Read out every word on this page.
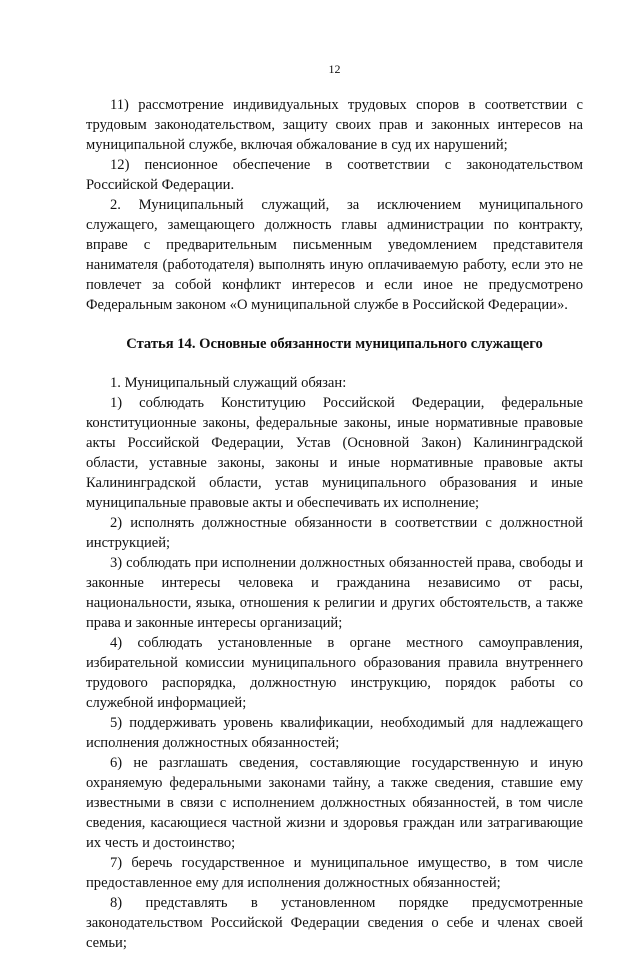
12

11) рассмотрение индивидуальных трудовых споров в соответствии с трудовым законодательством, защиту своих прав и законных интересов на муниципальной службе, включая обжалование в суд их нарушений;

12) пенсионное обеспечение в соответствии с законодательством Российской Федерации.

2. Муниципальный служащий, за исключением муниципального служащего, замещающего должность главы администрации по контракту, вправе с предварительным письменным уведомлением представителя нанимателя (работодателя) выполнять иную оплачиваемую работу, если это не повлечет за собой конфликт интересов и если иное не предусмотрено Федеральным законом «О муниципальной службе в Российской Федерации».

Статья 14. Основные обязанности муниципального служащего

1. Муниципальный служащий обязан:

1) соблюдать Конституцию Российской Федерации, федеральные конституционные законы, федеральные законы, иные нормативные правовые акты Российской Федерации, Устав (Основной Закон) Калининградской области, уставные законы, законы и иные нормативные правовые акты Калининградской области, устав муниципального образования и иные муниципальные правовые акты и обеспечивать их исполнение;

2) исполнять должностные обязанности в соответствии с должностной инструкцией;

3) соблюдать при исполнении должностных обязанностей права, свободы и законные интересы человека и гражданина независимо от расы, национальности, языка, отношения к религии и других обстоятельств, а также права и законные интересы организаций;

4) соблюдать установленные в органе местного самоуправления, избирательной комиссии муниципального образования правила внутреннего трудового распорядка, должностную инструкцию, порядок работы со служебной информацией;

5) поддерживать уровень квалификации, необходимый для надлежащего исполнения должностных обязанностей;

6) не разглашать сведения, составляющие государственную и иную охраняемую федеральными законами тайну, а также сведения, ставшие ему известными в связи с исполнением должностных обязанностей, в том числе сведения, касающиеся частной жизни и здоровья граждан или затрагивающие их честь и достоинство;

7) беречь государственное и муниципальное имущество, в том числе предоставленное ему для исполнения должностных обязанностей;

8) представлять в установленном порядке предусмотренные законодательством Российской Федерации сведения о себе и членах своей семьи;
